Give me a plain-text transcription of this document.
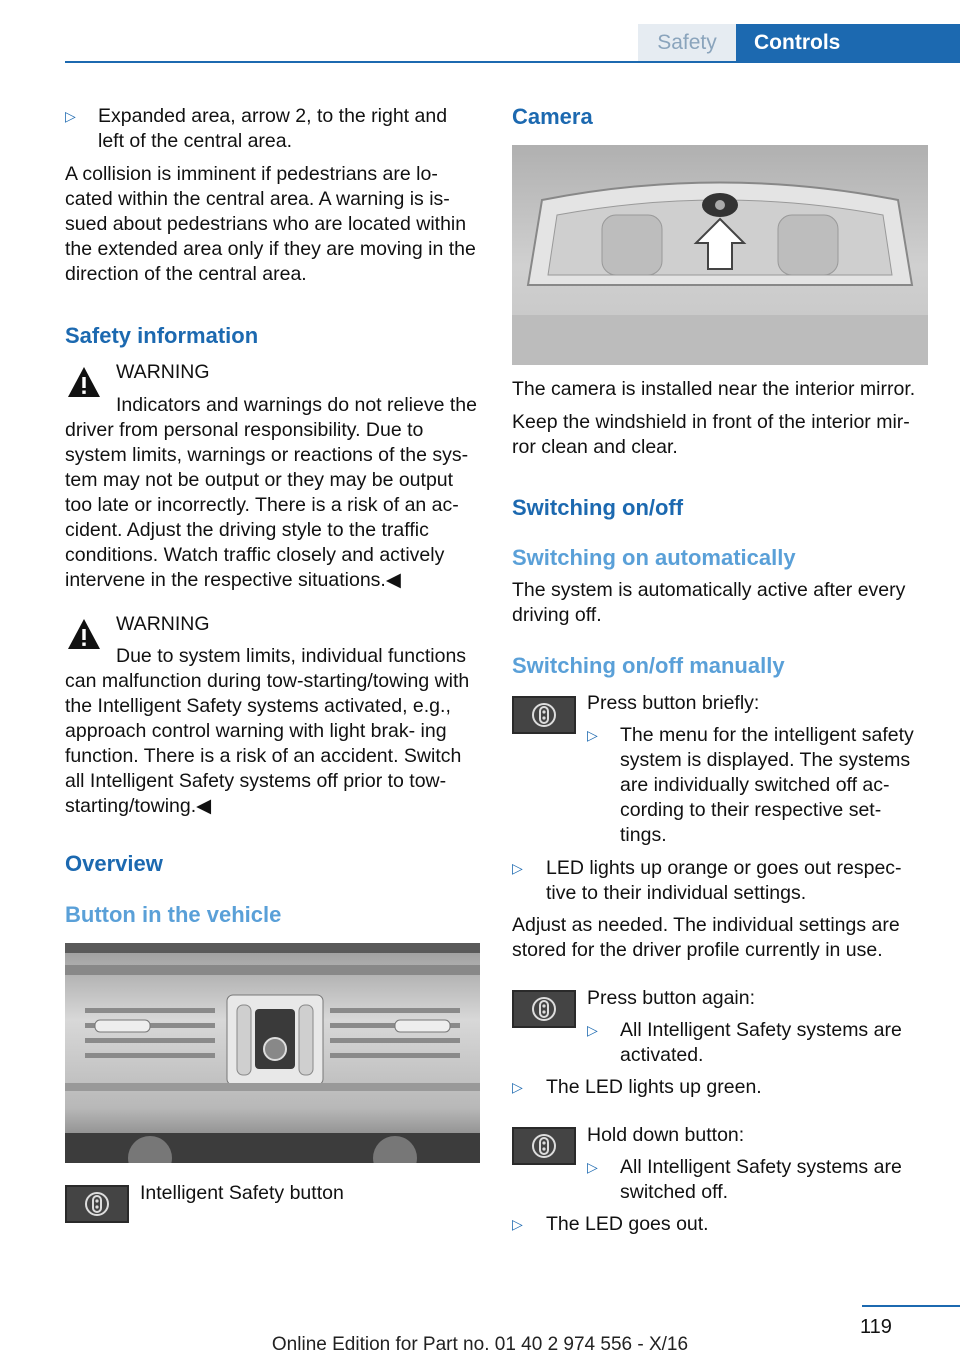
Safety	Controls
▷ Expanded area, arrow 2, to the right and left of the central area.
A collision is imminent if pedestrians are lo- cated within the central area. A warning is is- sued about pedestrians who are located within the extended area only if they are moving in the direction of the central area.
Safety information
WARNING
Indicators and warnings do not relieve the driver from personal responsibility. Due to system limits, warnings or reactions of the sys- tem may not be output or they may be output too late or incorrectly. There is a risk of an ac- cident. Adjust the driving style to the traffic conditions. Watch traffic closely and actively intervene in the respective situations.◀
WARNING
Due to system limits, individual functions can malfunction during tow-starting/towing with the Intelligent Safety systems activated, e.g., approach control warning with light brak- ing function. There is a risk of an accident. Switch all Intelligent Safety systems off prior to tow-starting/towing.◀
Overview
Button in the vehicle
Intelligent Safety button
Camera
The camera is installed near the interior mirror.
Keep the windshield in front of the interior mir- ror clean and clear.
Switching on/off
Switching on automatically
The system is automatically active after every driving off.
Switching on/off manually
Press button briefly:
▷ The menu for the intelligent safety system is displayed. The systems are individually switched off ac- cording to their respective set- tings.
▷ LED lights up orange or goes out respec- tive to their individual settings.
Adjust as needed. The individual settings are stored for the driver profile currently in use.
Press button again:
▷ All Intelligent Safety systems are activated.
▷ The LED lights up green.
Hold down button:
▷ All Intelligent Safety systems are switched off.
▷ The LED goes out.
119
Online Edition for Part no. 01 40 2 974 556 - X/16
